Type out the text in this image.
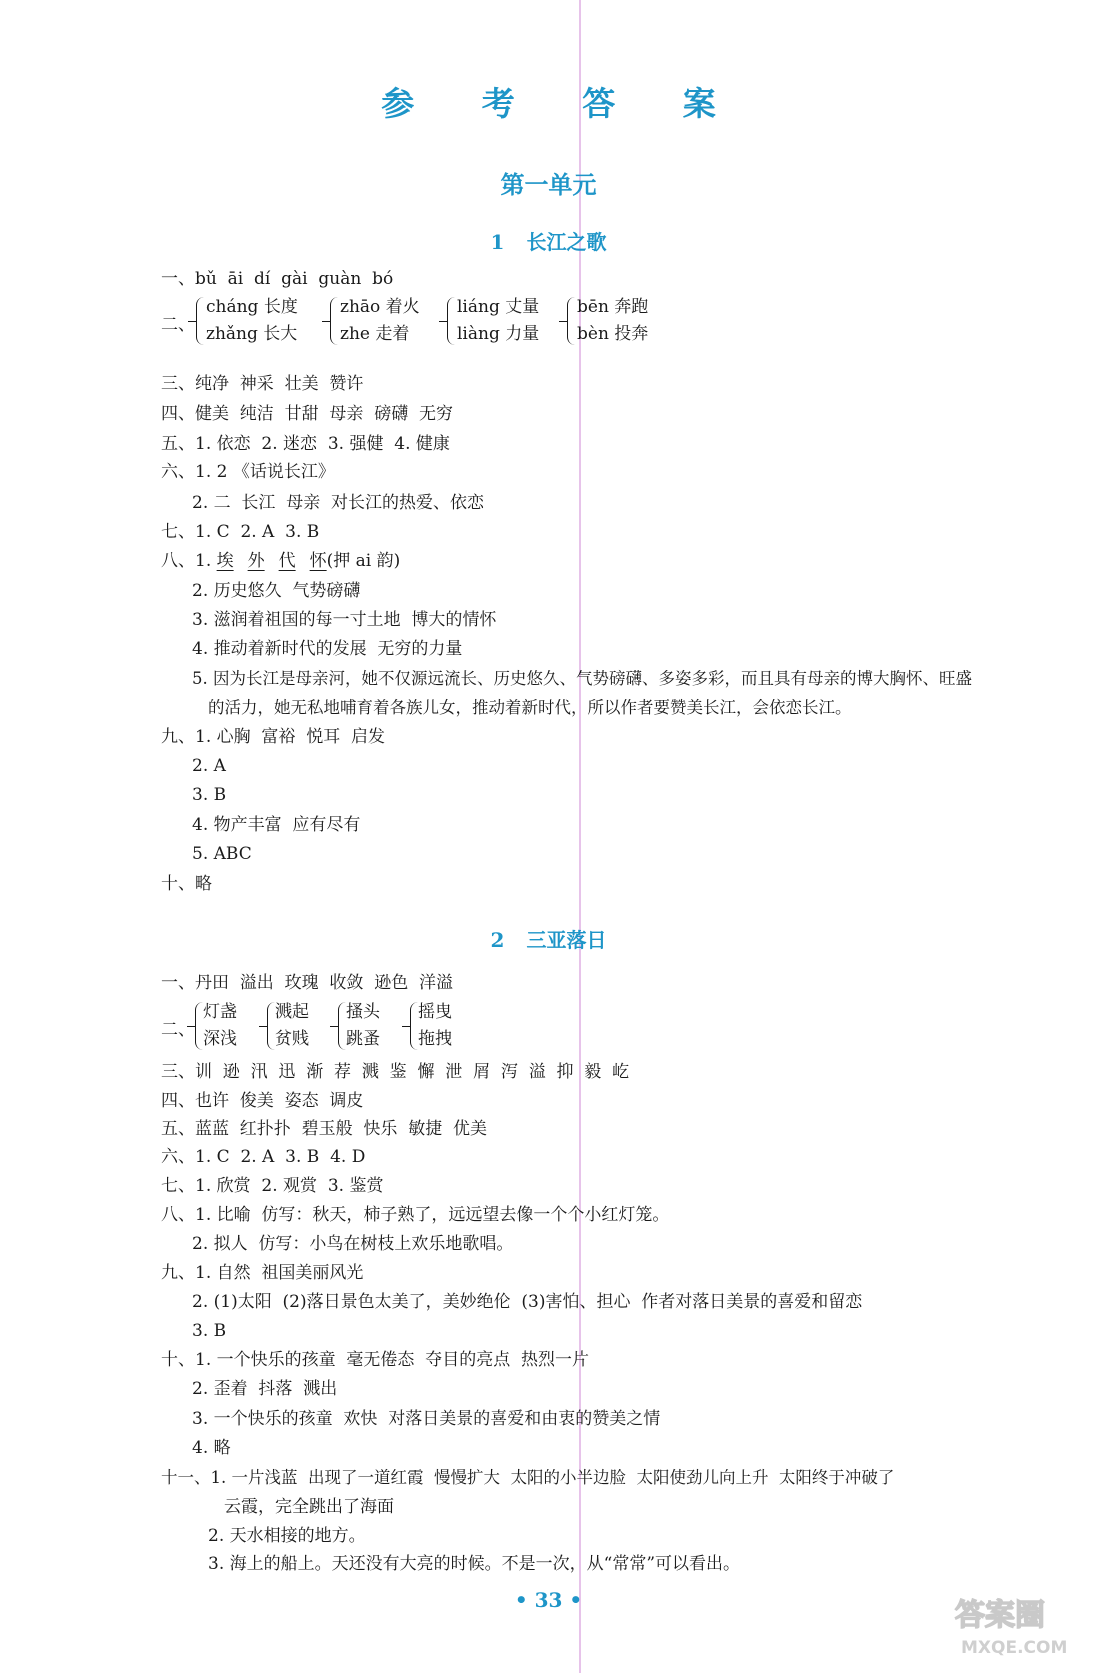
参 考 答 案
第一单元
1 长江之歌
一、bǔ  āi  dí  gài  guàn  bó
二、
cháng 长度
zhǎng 长大
zhāo 着火
zhe 走着
liáng 丈量
liàng 力量
bēn 奔跑
bèn 投奔
三、纯净  神采  壮美  赞许
四、健美  纯洁  甘甜  母亲  磅礴  无穷
五、1. 依恋  2. 迷恋  3. 强健  4. 健康
六、1. 2 《话说长江》
2. 二  长江  母亲  对长江的热爱、依恋
七、1. C  2. A  3. B
八、1. 埃 外 代 怀(押 ai 韵)
2. 历史悠久  气势磅礴
3. 滋润着祖国的每一寸土地  博大的情怀
4. 推动着新时代的发展  无穷的力量
5. 因为长江是母亲河，她不仅源远流长、历史悠久、气势磅礴、多姿多彩，而且具有母亲的博大胸怀、旺盛
的活力，她无私地哺育着各族儿女，推动着新时代，所以作者要赞美长江，会依恋长江。
九、1. 心胸  富裕  悦耳  启发
2. A
3. B
4. 物产丰富  应有尽有
5. ABC
十、略
2 三亚落日
一、丹田  溢出  玫瑰  收敛  逊色  洋溢
二、
灯盏
深浅
溅起
贫贱
搔头
跳蚤
摇曳
拖拽
三、训  逊  汛  迅  渐  荐  溅  鉴  懈  泄  屑  泻  溢  抑  毅  屹
四、也许  俊美  姿态  调皮
五、蓝蓝  红扑扑  碧玉般  快乐  敏捷  优美
六、1. C  2. A  3. B  4. D
七、1. 欣赏  2. 观赏  3. 鉴赏
八、1. 比喻  仿写：秋天，柿子熟了，远远望去像一个个小红灯笼。
2. 拟人  仿写：小鸟在树枝上欢乐地歌唱。
九、1. 自然  祖国美丽风光
2. (1)太阳  (2)落日景色太美了，美妙绝伦  (3)害怕、担心  作者对落日美景的喜爱和留恋
3. B
十、1. 一个快乐的孩童  毫无倦态  夺目的亮点  热烈一片
2. 歪着  抖落  溅出
3. 一个快乐的孩童  欢快  对落日美景的喜爱和由衷的赞美之情
4. 略
十一、1. 一片浅蓝  出现了一道红霞  慢慢扩大  太阳的小半边脸  太阳使劲儿向上升  太阳终于冲破了
云霞，完全跳出了海面
2. 天水相接的地方。
3. 海上的船上。天还没有大亮的时候。不是一次，从“常常”可以看出。
• 33 •	答案圈
MXQE.COM
